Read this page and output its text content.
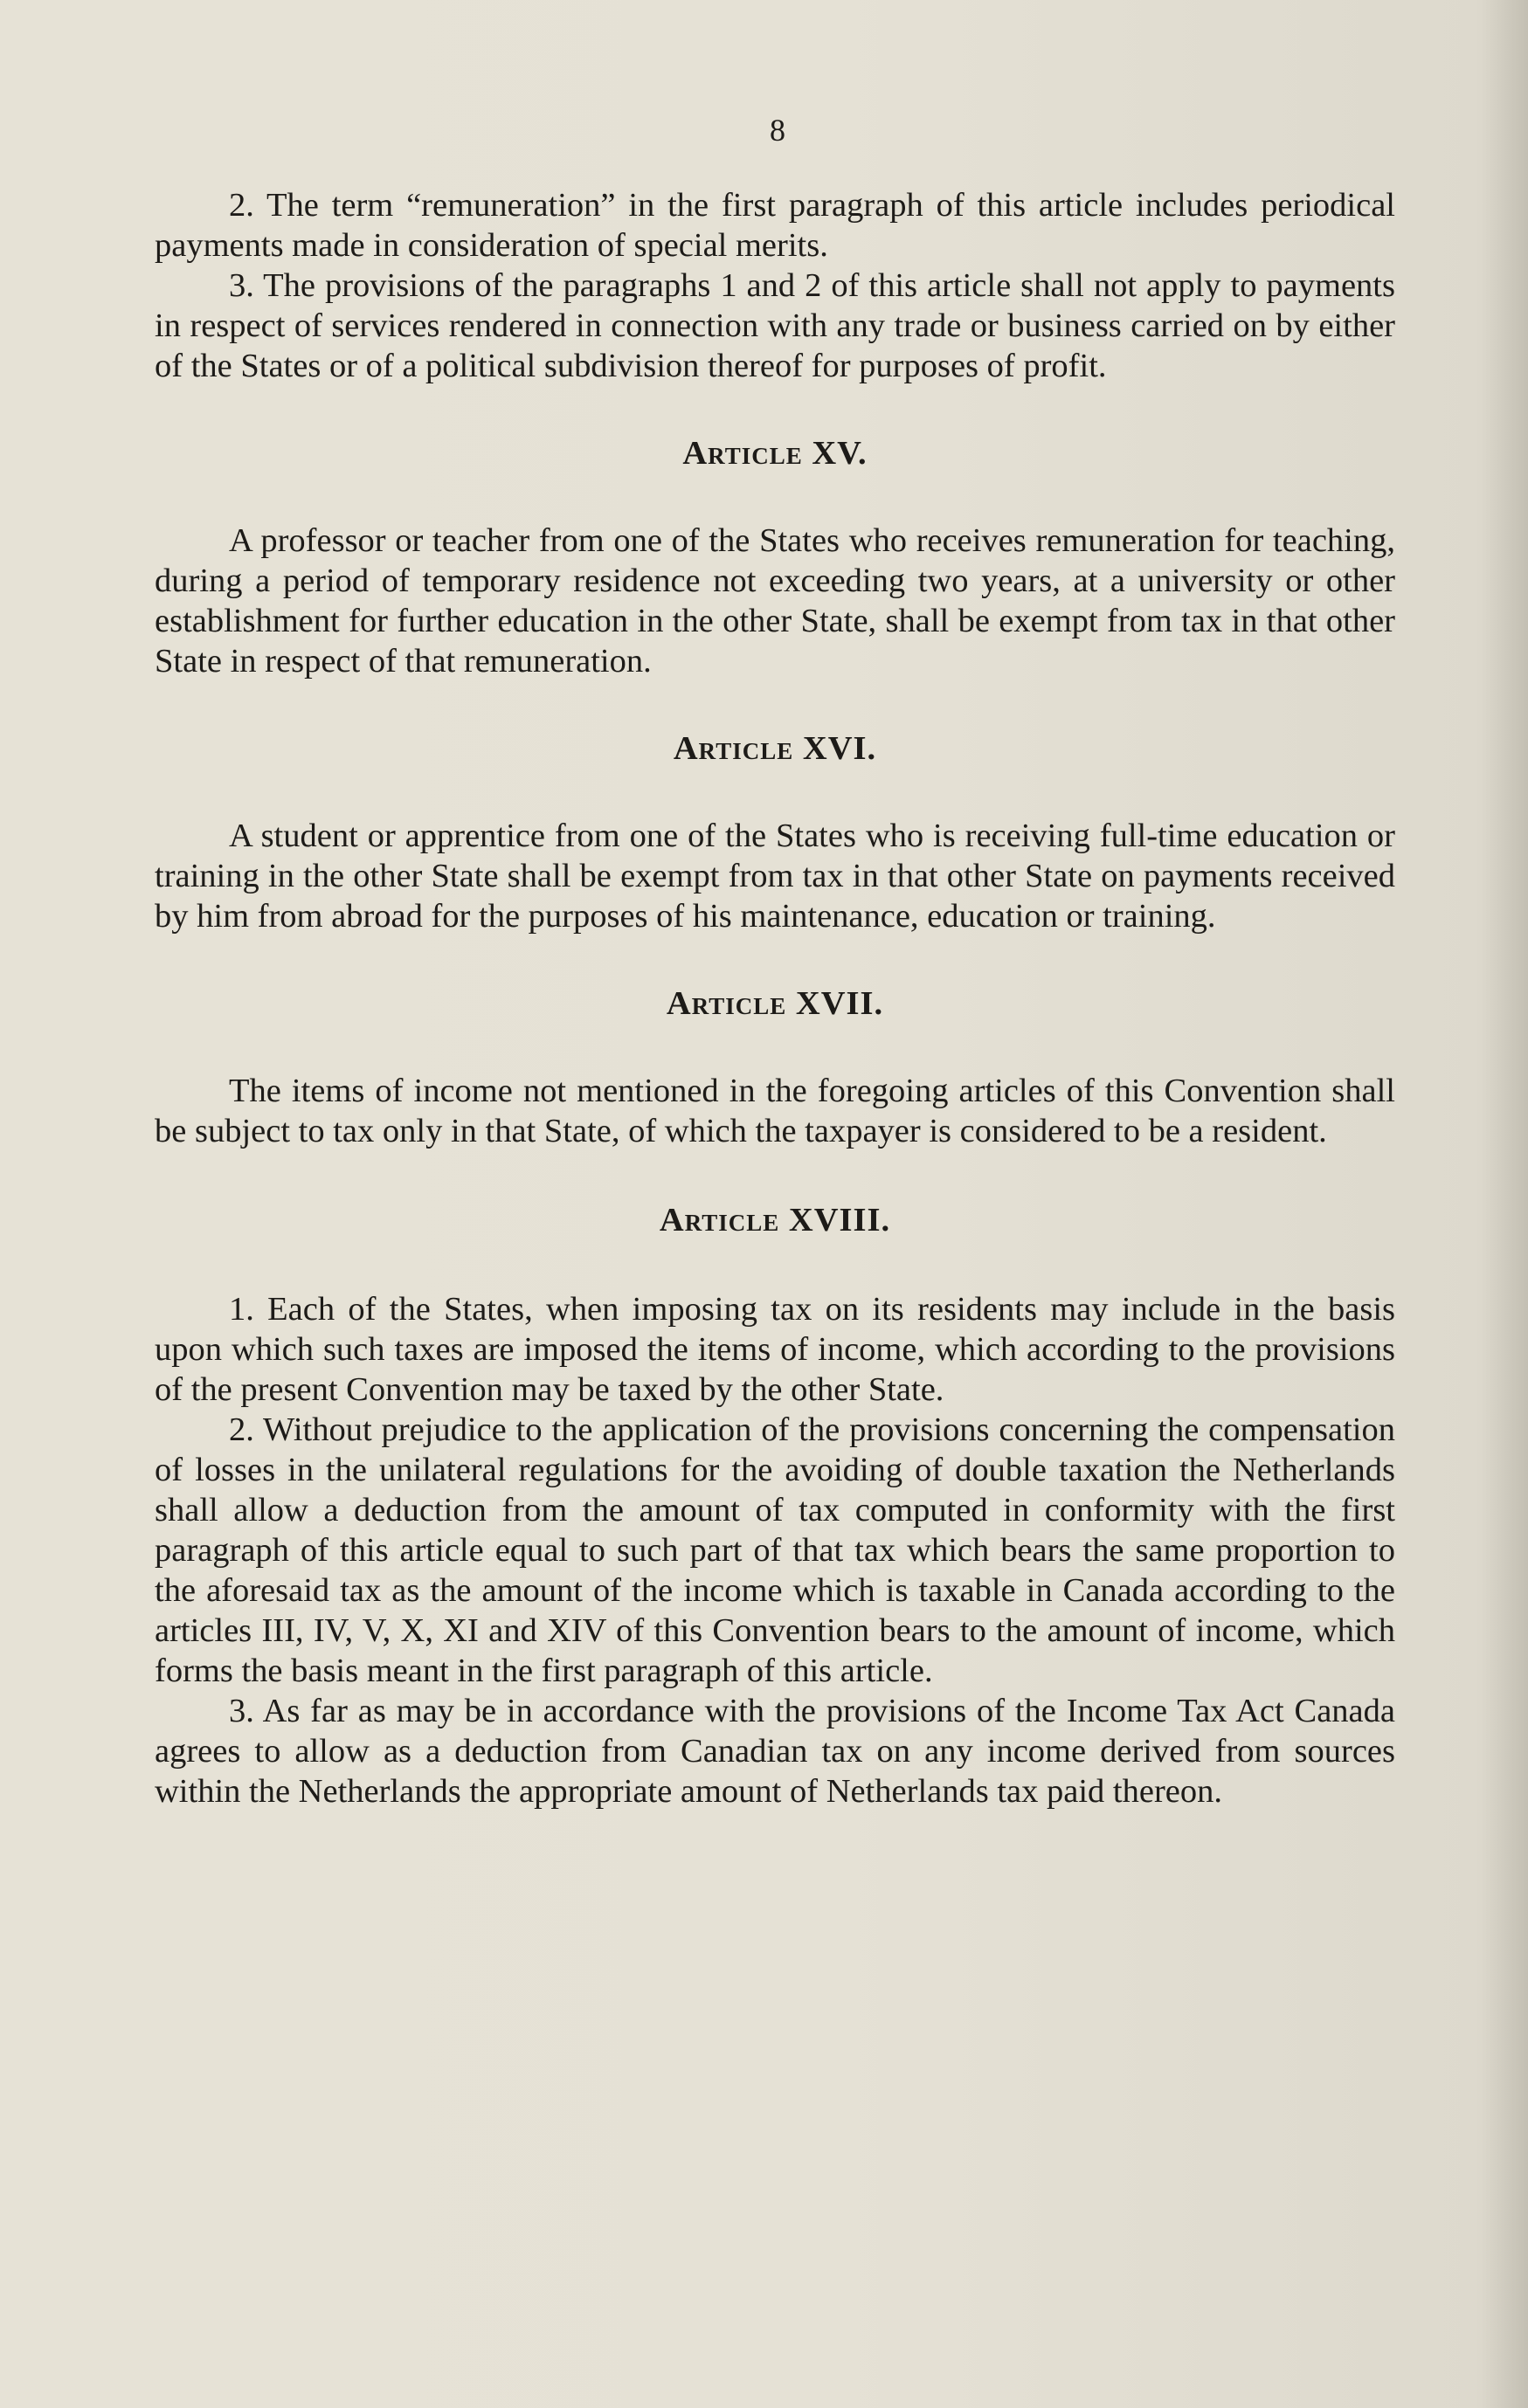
8

2. The term “remuneration” in the first paragraph of this article includes periodical payments made in consideration of special merits.

3. The provisions of the paragraphs 1 and 2 of this article shall not apply to payments in respect of services rendered in connection with any trade or business carried on by either of the States or of a political subdivision thereof for purposes of profit.

Article XV.

A professor or teacher from one of the States who receives remuneration for teaching, during a period of temporary residence not exceeding two years, at a university or other establishment for further education in the other State, shall be exempt from tax in that other State in respect of that remuneration.

Article XVI.

A student or apprentice from one of the States who is receiving full-time education or training in the other State shall be exempt from tax in that other State on payments received by him from abroad for the purposes of his maintenance, education or training.

Article XVII.

The items of income not mentioned in the foregoing articles of this Convention shall be subject to tax only in that State, of which the taxpayer is considered to be a resident.

Article XVIII.

1. Each of the States, when imposing tax on its residents may include in the basis upon which such taxes are imposed the items of income, which according to the provisions of the present Convention may be taxed by the other State.

2. Without prejudice to the application of the provisions concerning the compensation of losses in the unilateral regulations for the avoiding of double taxation the Netherlands shall allow a deduction from the amount of tax computed in conformity with the first paragraph of this article equal to such part of that tax which bears the same proportion to the aforesaid tax as the amount of the income which is taxable in Canada according to the articles III, IV, V, X, XI and XIV of this Convention bears to the amount of income, which forms the basis meant in the first paragraph of this article.

3. As far as may be in accordance with the provisions of the Income Tax Act Canada agrees to allow as a deduction from Canadian tax on any income derived from sources within the Netherlands the appropriate amount of Netherlands tax paid thereon.
